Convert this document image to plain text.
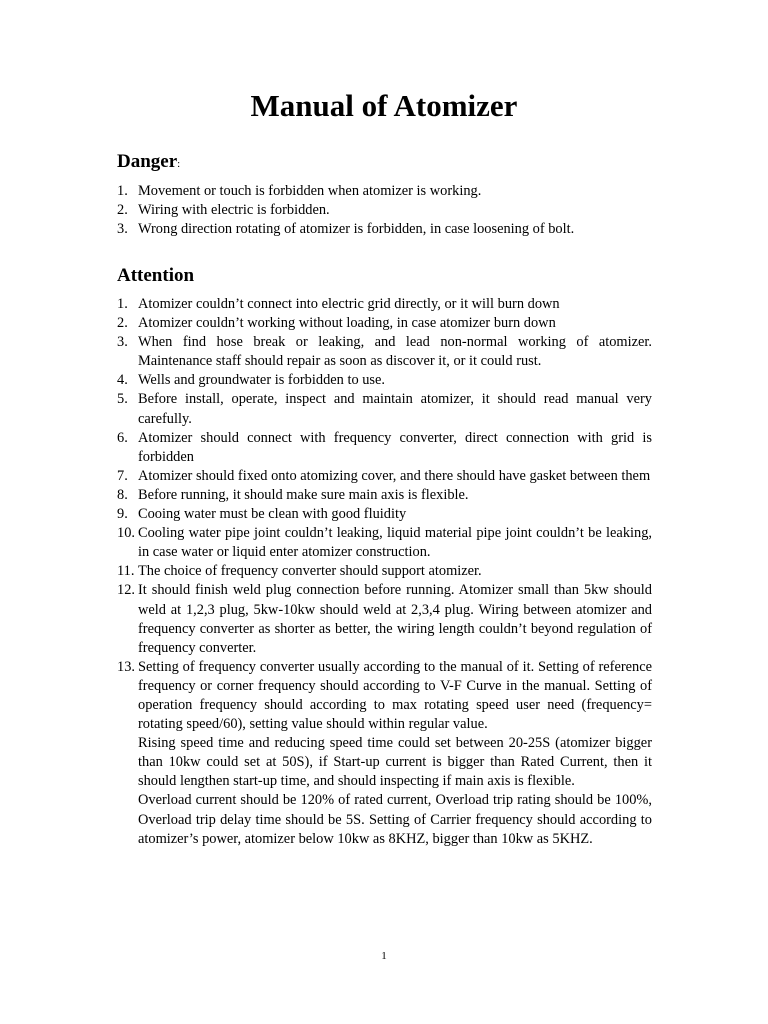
Manual of Atomizer
Danger:
1. Movement or touch is forbidden when atomizer is working.
2. Wiring with electric is forbidden.
3. Wrong direction rotating of atomizer is forbidden, in case loosening of bolt.
Attention
1. Atomizer couldn’t connect into electric grid directly, or it will burn down
2. Atomizer couldn’t working without loading, in case atomizer burn down
3. When find hose break or leaking, and lead non-normal working of atomizer. Maintenance staff should repair as soon as discover it, or it could rust.
4. Wells and groundwater is forbidden to use.
5. Before install, operate, inspect and maintain atomizer, it should read manual very carefully.
6. Atomizer should connect with frequency converter, direct connection with grid is forbidden
7. Atomizer should fixed onto atomizing cover, and there should have gasket between them
8. Before running, it should make sure main axis is flexible.
9. Cooing water must be clean with good fluidity
10. Cooling water pipe joint couldn’t leaking, liquid material pipe joint couldn’t be leaking, in case water or liquid enter atomizer construction.
11. The choice of frequency converter should support atomizer.
12. It should finish weld plug connection before running. Atomizer small than 5kw should weld at 1,2,3 plug, 5kw-10kw should weld at 2,3,4 plug. Wiring between atomizer and frequency converter as shorter as better, the wiring length couldn’t beyond regulation of frequency converter.
13. Setting of frequency converter usually according to the manual of it. Setting of reference frequency or corner frequency should according to V-F Curve in the manual. Setting of operation frequency should according to max rotating speed user need (frequency= rotating speed/60), setting value should within regular value.

Rising speed time and reducing speed time could set between 20-25S (atomizer bigger than 10kw could set at 50S), if Start-up current is bigger than Rated Current, then it should lengthen start-up time, and should inspecting if main axis is flexible.

Overload current should be 120% of rated current, Overload trip rating should be 100%, Overload trip delay time should be 5S. Setting of Carrier frequency should according to atomizer’s power, atomizer below 10kw as 8KHZ, bigger than 10kw as 5KHZ.

1
